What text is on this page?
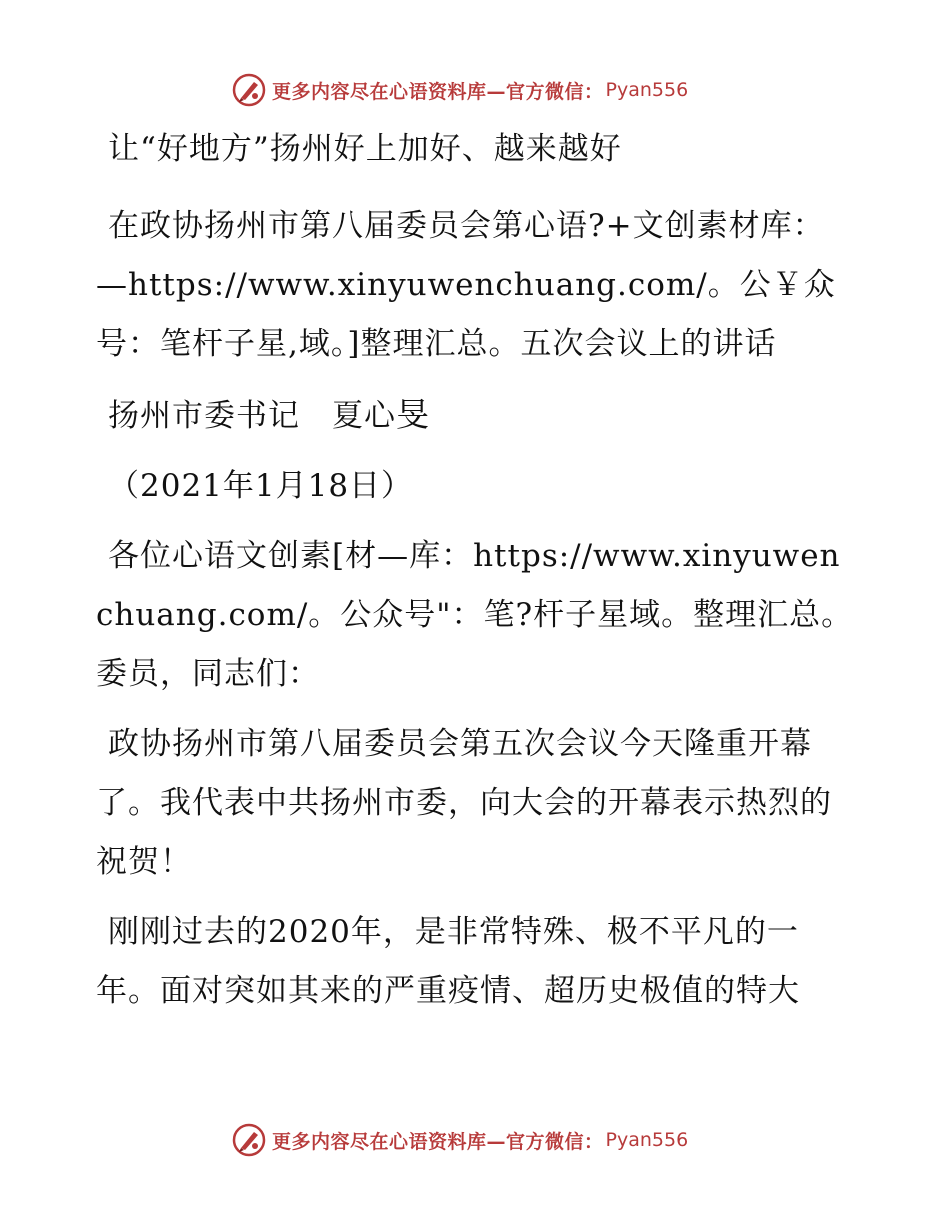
更多内容尽在心语资料库—官方微信： Pyan556

让“好地方”扬州好上加好、越来越好

在政协扬州市第八届委员会第心语?+文创素材库：—https://www.xinyuwenchuang.com/。公￥众号：笔杆子星,域。]整理汇总。五次会议上的讲话

扬州市委书记　夏心旻

（2021年1月18日）

各位心语文创素[材—库：https://www.xinyuwenchuang.com/。公众号"：笔?杆子星域。整理汇总。委员，同志们：

政协扬州市第八届委员会第五次会议今天隆重开幕了。我代表中共扬州市委，向大会的开幕表示热烈的祝贺！

刚刚过去的2020年，是非常特殊、极不平凡的一年。面对突如其来的严重疫情、超历史极值的特大

更多内容尽在心语资料库—官方微信： Pyan556
